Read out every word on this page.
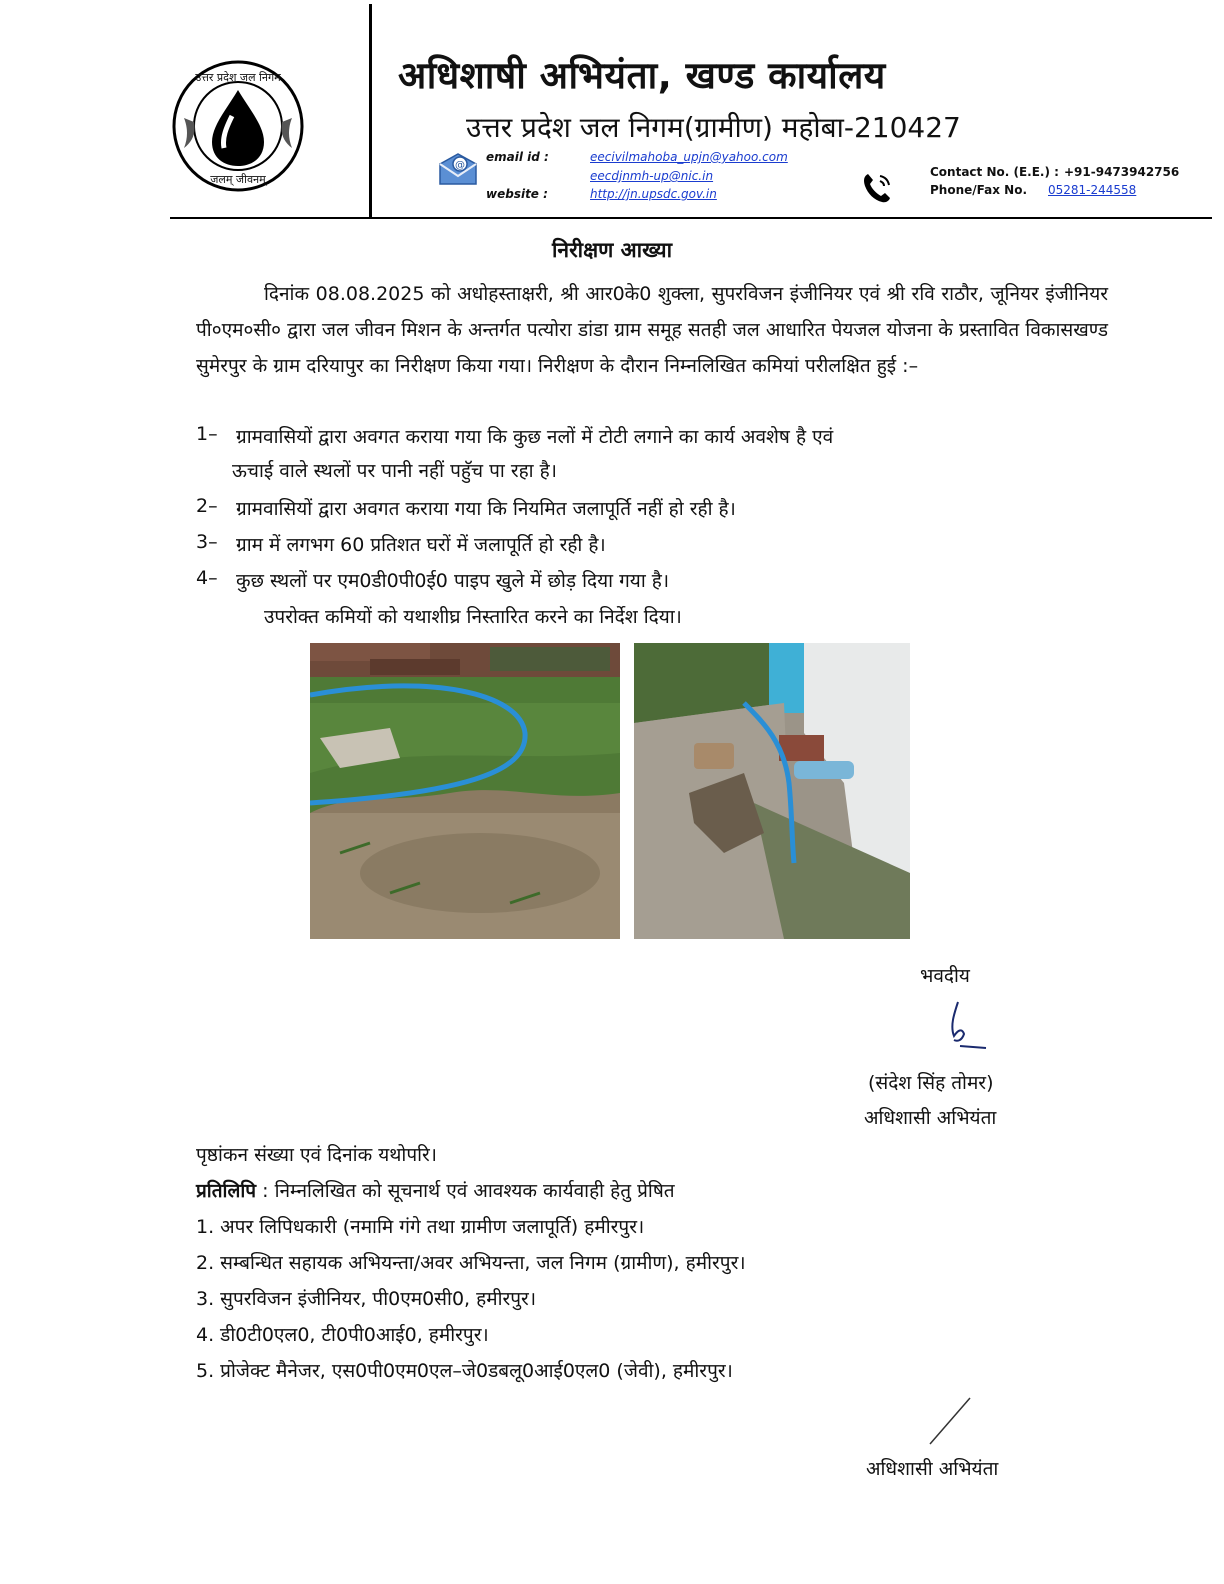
उत्तर प्रदेश जल निगम
जलम् जीवनम्
अधिशाषी अभियंता, खण्ड कार्यालय
उत्तर प्रदेश जल निगम(ग्रामीण) महोबा-210427
@
email id :	eecivilmahoba_upjn@yahoo.com
eecdjnmh-up@nic.in
website :	http://jn.upsdc.gov.in
Contact No. (E.E.) : +91-9473942756
Phone/Fax No. 05281-244558
निरीक्षण आख्या
दिनांक 08.08.2025 को अधोहस्ताक्षरी, श्री आर0के0 शुक्ला, सुपरविजन इंजीनियर एवं श्री रवि राठौर, जूनियर इंजीनियर पी०एम०सी० द्वारा जल जीवन मिशन के अन्तर्गत पत्योरा डांडा ग्राम समूह सतही जल आधारित पेयजल योजना के प्रस्तावित विकासखण्ड सुमेरपुर के ग्राम दरियापुर का निरीक्षण किया गया। निरीक्षण के दौरान निम्नलिखित कमियां परीलक्षित हुई :–
1– ग्रामवासियों द्वारा अवगत कराया गया कि कुछ नलों में टोटी लगाने का कार्य अवशेष है एवं
ऊचाई वाले स्थलों पर पानी नहीं पहुॅच पा रहा है।
2– ग्रामवासियों द्वारा अवगत कराया गया कि नियमित जलापूर्ति नहीं हो रही है।
3– ग्राम में लगभग 60 प्रतिशत घरों में जलापूर्ति हो रही है।
4– कुछ स्थलों पर एम0डी0पी0ई0 पाइप खुले में छोड़ दिया गया है।
उपरोक्त कमियों को यथाशीघ्र निस्तारित करने का निर्देश दिया।
भवदीय
(संदेश सिंह तोमर)
अधिशासी अभियंता
पृष्ठांकन संख्या एवं दिनांक यथोपरि।
प्रतिलिपि : निम्नलिखित को सूचनार्थ एवं आवश्यक कार्यवाही हेतु प्रेषित
1. अपर लिपिधकारी (नमामि गंगे तथा ग्रामीण जलापूर्ति) हमीरपुर।
2. सम्बन्धित सहायक अभियन्ता/अवर अभियन्ता, जल निगम (ग्रामीण), हमीरपुर।
3. सुपरविजन इंजीनियर, पी0एम0सी0, हमीरपुर।
4. डी0टी0एल0, टी0पी0आई0, हमीरपुर।
5. प्रोजेक्ट मैनेजर, एस0पी0एम0एल–जे0डबलू0आई0एल0 (जेवी), हमीरपुर।
अधिशासी अभियंता
